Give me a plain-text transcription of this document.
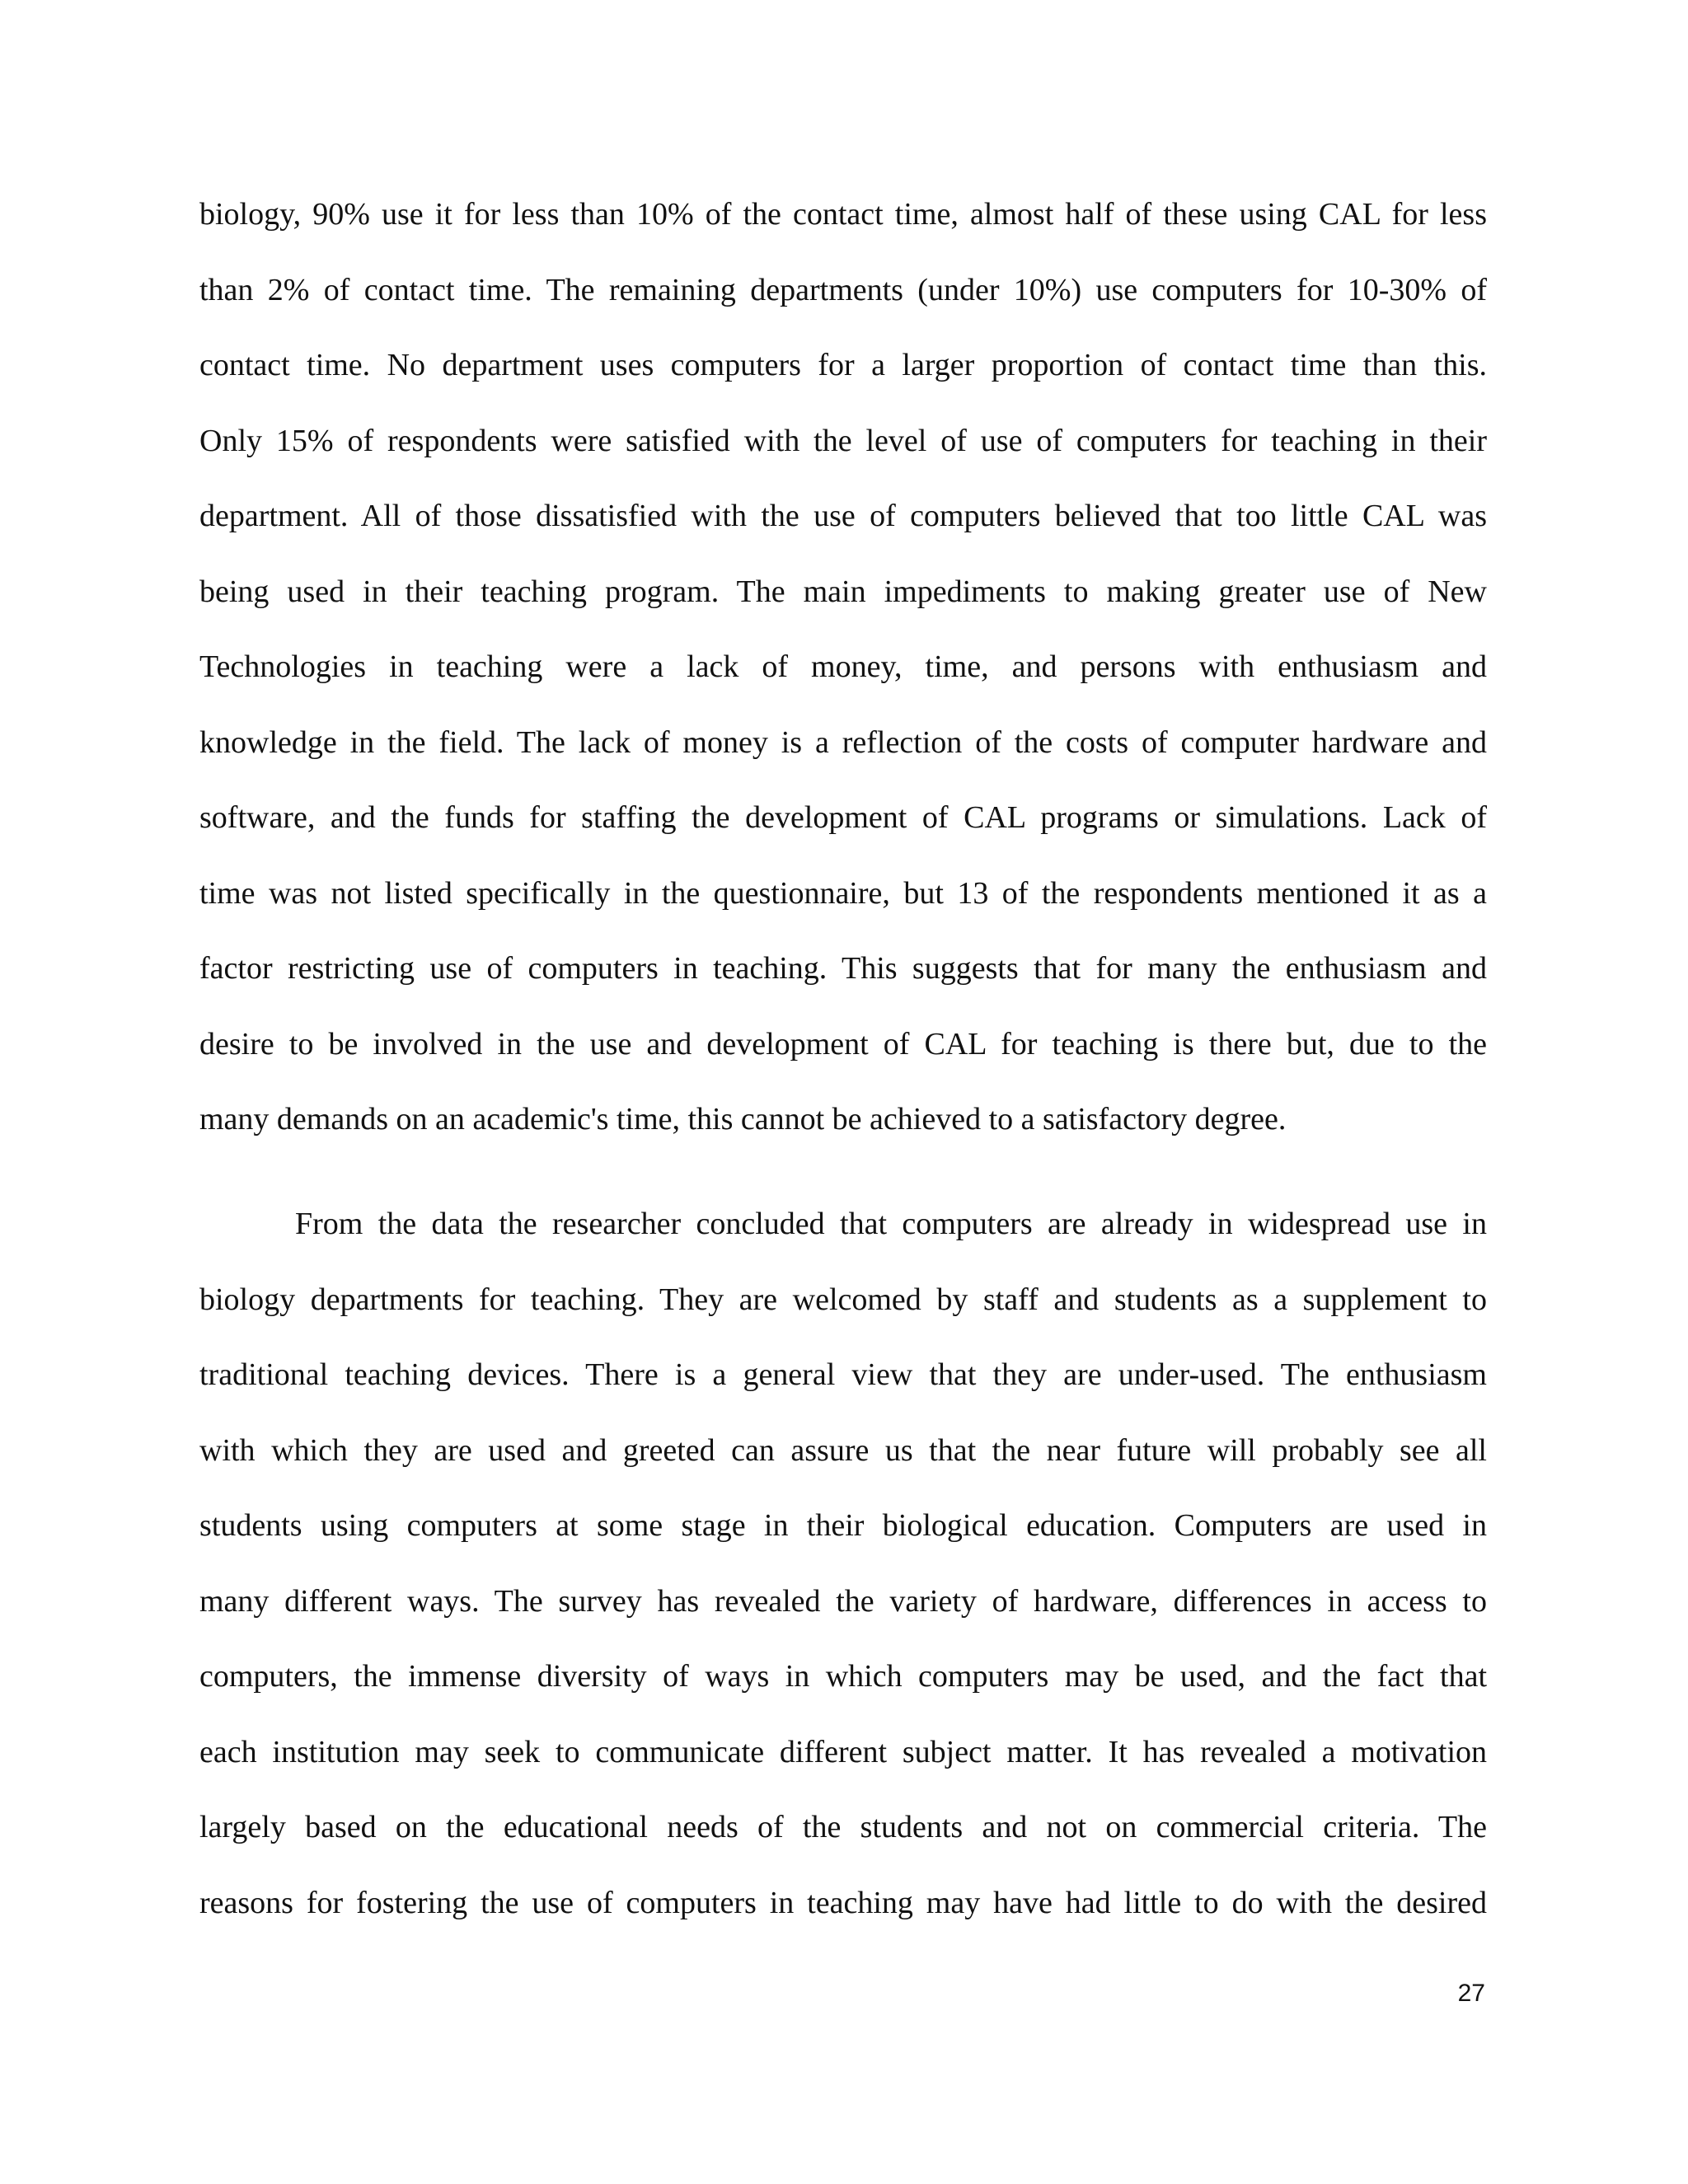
biology, 90% use it for less than 10% of the contact time, almost half of these using CAL for less
than 2% of contact time. The remaining departments (under 10%) use computers for 10-30% of
contact time. No department uses computers for a larger proportion of contact time than this.
Only 15% of respondents were satisfied with the level of use of computers for teaching in their
department. All of those dissatisfied with the use of computers believed that too little CAL was
being used in their teaching program. The main impediments to making greater use of New
Technologies in teaching were a lack of money, time, and persons with enthusiasm and
knowledge in the field. The lack of money is a reflection of the costs of computer hardware and
software, and the funds for staffing the development of CAL programs or simulations. Lack of
time was not listed specifically in the questionnaire, but 13 of the respondents mentioned it as a
factor restricting use of computers in teaching. This suggests that for many the enthusiasm and
desire to be involved in the use and development of CAL for teaching is there but, due to the
many demands on an academic's time, this cannot be achieved to a satisfactory degree.
From the data the researcher concluded that computers are already in widespread use in
biology departments for teaching. They are welcomed by staff and students as a supplement to
traditional teaching devices. There is a general view that they are under-used. The enthusiasm
with which they are used and greeted can assure us that the near future will probably see all
students using computers at some stage in their biological education. Computers are used in
many different ways. The survey has revealed the variety of hardware, differences in access to
computers, the immense diversity of ways in which computers may be used, and the fact that
each institution may seek to communicate different subject matter. It has revealed a motivation
largely based on the educational needs of the students and not on commercial criteria. The
reasons for fostering the use of computers in teaching may have had little to do with the desired
27
